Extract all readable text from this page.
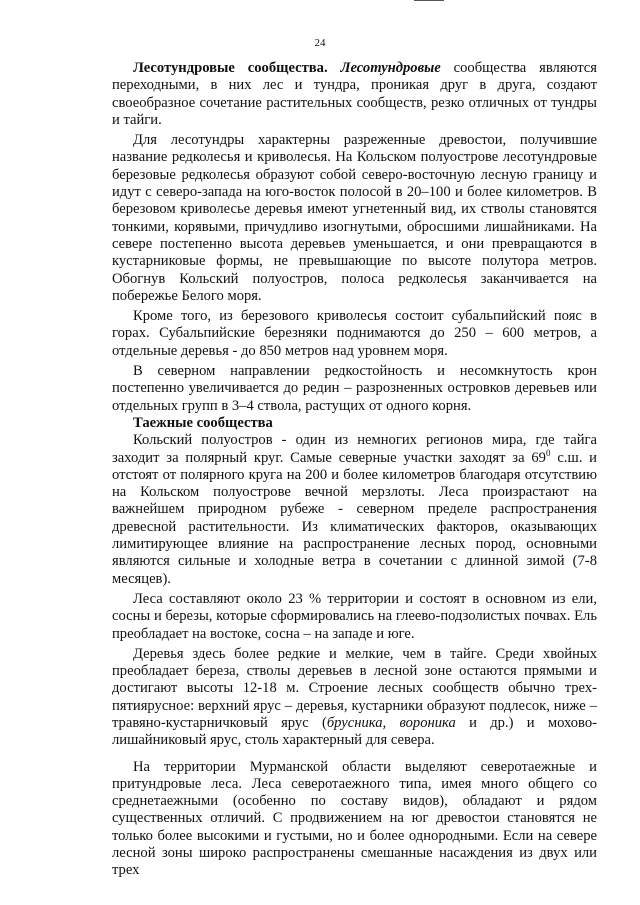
24

Лесотундровые сообщества. Лесотундровые сообщества являются переходными, в них лес и тундра, проникая друг в друга, создают своеобразное сочетание растительных сообществ, резко отличных от тундры и тайги.

Для лесотундры характерны разреженные древостои, получившие название редколесья и криволесья. На Кольском полуострове лесотундровые березовые редколесья образуют собой северо-восточную лесную границу и идут с северо-запада на юго-восток полосой в 20–100 и более километров. В березовом криволесье деревья имеют угнетенный вид, их стволы становятся тонкими, корявыми, причудливо изогнутыми, обросшими лишайниками. На севере постепенно высота деревьев уменьшается, и они превращаются в кустарниковые формы, не превышающие по высоте полутора метров. Обогнув Кольский полуостров, полоса редколесья заканчивается на побережье Белого моря.

Кроме того, из березового криволесья состоит субальпийский пояс в горах. Субальпийские березняки поднимаются до 250 – 600 метров, а отдельные деревья - до 850 метров над уровнем моря.

В северном направлении редкостойность и несомкнутость крон постепенно увеличивается до редин – разрозненных островков деревьев или отдельных групп в 3–4 ствола, растущих от одного корня.

Таежные сообщества

Кольский полуостров - один из немногих регионов мира, где тайга заходит за полярный круг. Самые северные участки заходят за $69^0$ с.ш. и отстоят от полярного круга на 200 и более километров благодаря отсутствию на Кольском полуострове вечной мерзлоты. Леса произрастают на важнейшем природном рубеже - северном пределе распространения древесной растительности. Из климатических факторов, оказывающих лимитирующее влияние на распространение лесных пород, основными являются сильные и холодные ветра в сочетании с длинной зимой (7-8 месяцев).

Леса составляют около 23 % территории и состоят в основном из ели, сосны и березы, которые сформировались на глеево-подзолистых почвах. Ель преобладает на востоке, сосна – на западе и юге.

Деревья здесь более редкие и мелкие, чем в тайге. Среди хвойных преобладает береза, стволы деревьев в лесной зоне остаются прямыми и достигают высоты 12-18 м. Строение лесных сообществ обычно трех-пятиярусное: верхний ярус – деревья, кустарники образуют подлесок, ниже – травяно-кустарничковый ярус (брусника, вороника и др.) и мохово-лишайниковый ярус, столь характерный для севера.

На территории Мурманской области выделяют северотаежные и притундровые леса. Леса северотаежного типа, имея много общего со среднетаежными (особенно по составу видов), обладают и рядом существенных отличий. С продвижением на юг древостои становятся не только более высокими и густыми, но и более однородными. Если на севере лесной зоны широко распространены смешанные насаждения из двух или трех
